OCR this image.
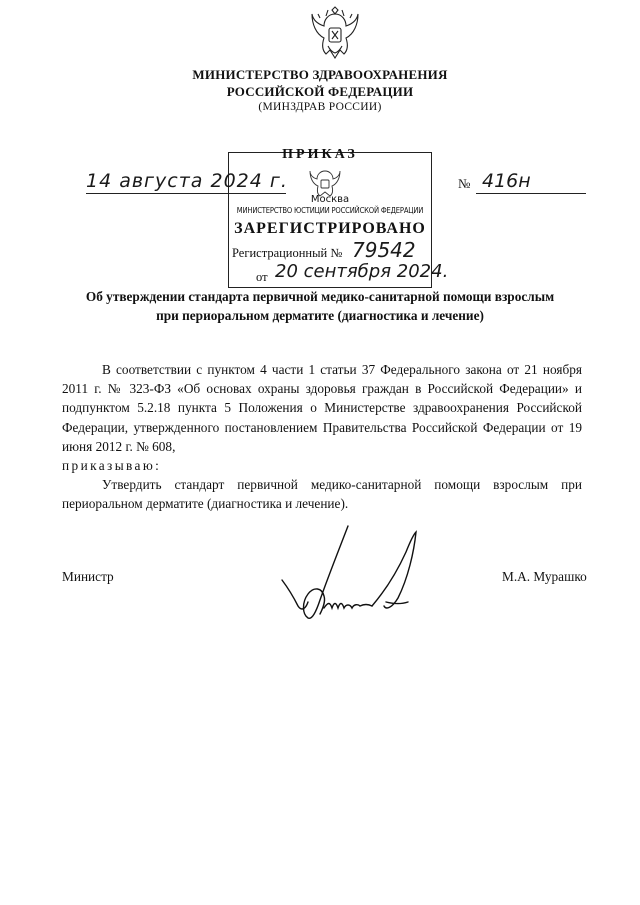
МИНИСТЕРСТВО ЗДРАВООХРАНЕНИЯ
РОССИЙСКОЙ ФЕДЕРАЦИИ
(МИНЗДРАВ РОССИИ)
ПРИКАЗ
14 августа 2024 г.	№ 416н
Москва
МИНИСТЕРСТВО ЮСТИЦИИ РОССИЙСКОЙ ФЕДЕРАЦИИ
ЗАРЕГИСТРИРОВАНО
Регистрационный № 79542
от 20 сентября 2024.
Об утверждении стандарта первичной медико-санитарной помощи взрослым
при периоральном дерматите (диагностика и лечение)

В соответствии с пунктом 4 части 1 статьи 37 Федерального закона от 21 ноября 2011 г. № 323-ФЗ «Об основах охраны здоровья граждан в Российской Федерации» и подпунктом 5.2.18 пункта 5 Положения о Министерстве здравоохранения Российской Федерации, утвержденного постановлением Правительства Российской Федерации от 19 июня 2012 г. № 608,

приказываю:

Утвердить стандарт первичной медико-санитарной помощи взрослым при периоральном дерматите (диагностика и лечение).

Министр	М.А. Мурашко
